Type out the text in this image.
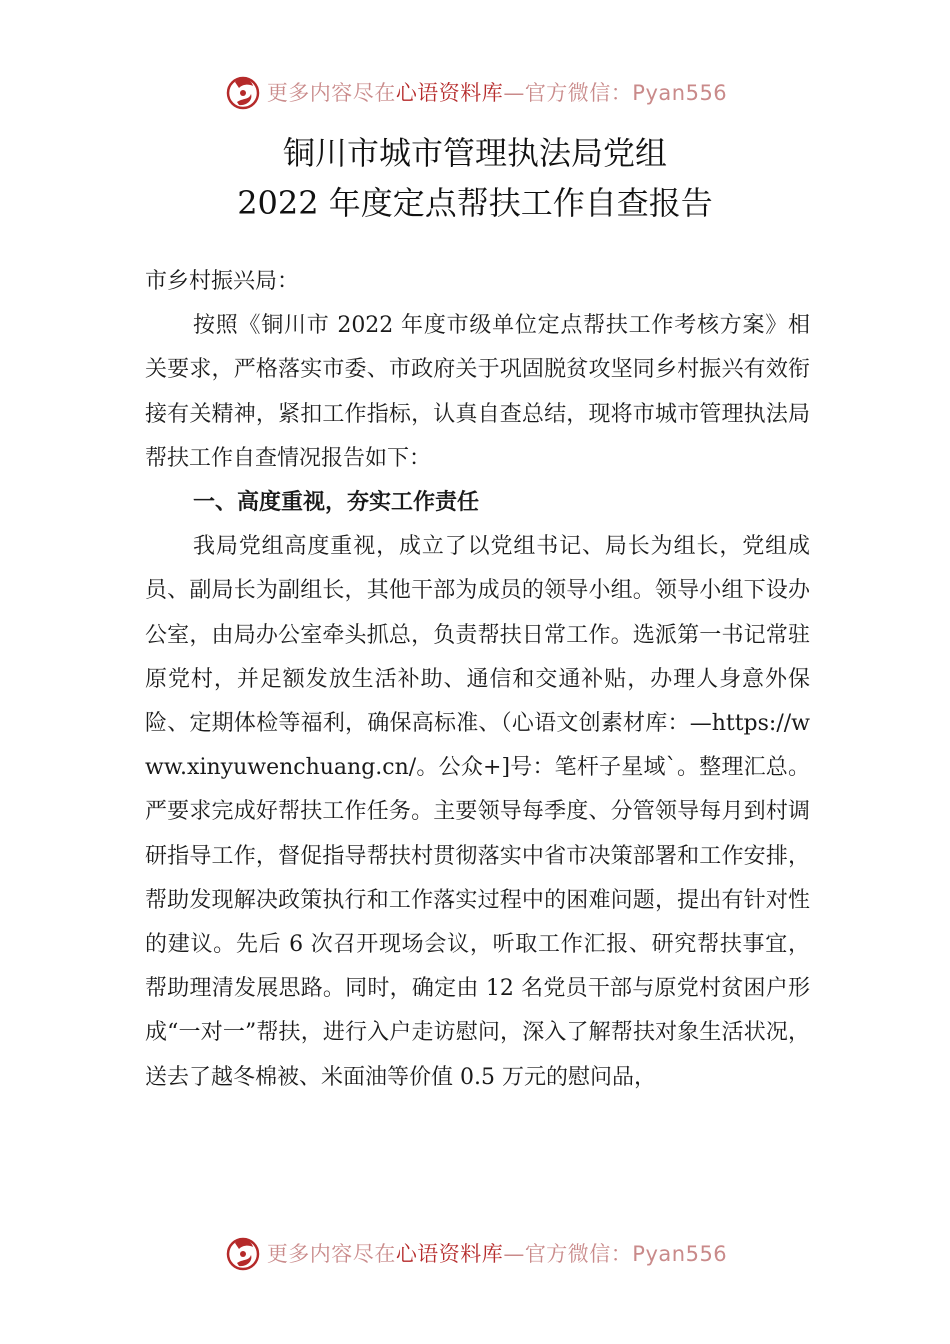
更多内容尽在心语资料库—官方微信：Pyan556
铜川市城市管理执法局党组
2022 年度定点帮扶工作自查报告

市乡村振兴局：

按照《铜川市 2022 年度市级单位定点帮扶工作考核方案》相关要求，严格落实市委、市政府关于巩固脱贫攻坚同乡村振兴有效衔接有关精神，紧扣工作指标，认真自查总结，现将市城市管理执法局帮扶工作自查情况报告如下：

一、高度重视，夯实工作责任

我局党组高度重视，成立了以党组书记、局长为组长，党组成员、副局长为副组长，其他干部为成员的领导小组。领导小组下设办公室，由局办公室牵头抓总，负责帮扶日常工作。选派第一书记常驻原党村，并足额发放生活补助、通信和交通补贴，办理人身意外保险、定期体检等福利，确保高标准、（心语文创素材库：—https://www.xinyuwenchuang.cn/。公众+]号：笔杆子星域`。整理汇总。严要求完成好帮扶工作任务。主要领导每季度、分管领导每月到村调研指导工作，督促指导帮扶村贯彻落实中省市决策部署和工作安排，帮助发现解决政策执行和工作落实过程中的困难问题，提出有针对性的建议。先后 6 次召开现场会议，听取工作汇报、研究帮扶事宜，帮助理清发展思路。同时，确定由 12 名党员干部与原党村贫困户形成“一对一”帮扶，进行入户走访慰问，深入了解帮扶对象生活状况，送去了越冬棉被、米面油等价值 0.5 万元的慰问品，

更多内容尽在心语资料库—官方微信：Pyan556
